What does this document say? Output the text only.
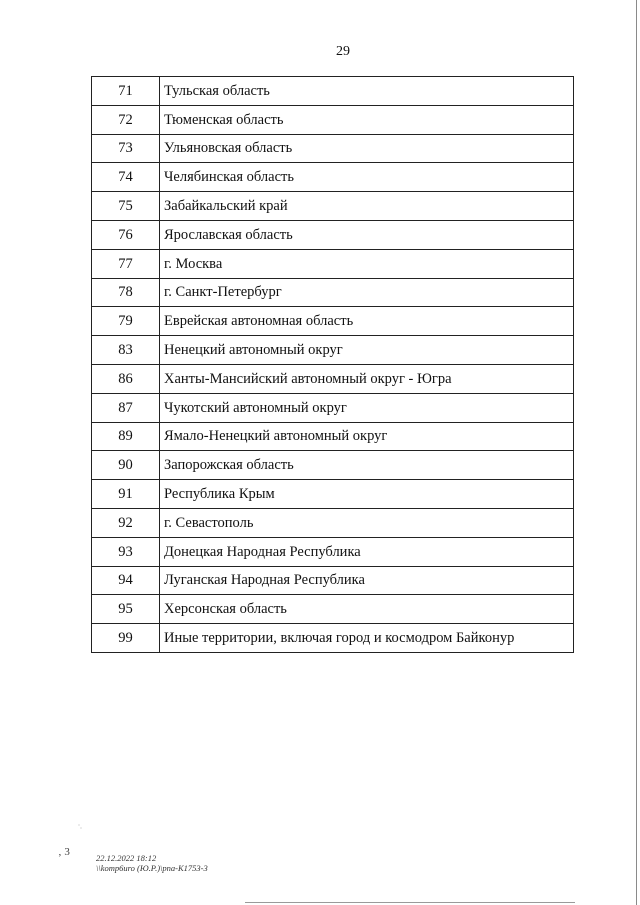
29
71	Тульская область
72	Тюменская область
73	Ульяновская область
74	Челябинская область
75	Забайкальский край
76	Ярославская область
77	г. Москва
78	г. Санкт-Петербург
79	Еврейская автономная область
83	Ненецкий автономный округ
86	Ханты-Мансийский автономный округ - Югра
87	Чукотский автономный округ
89	Ямало-Ненецкий автономный округ
90	Запорожская область
91	Республика Крым
92	г. Севастополь
93	Донецкая Народная Республика
94	Луганская Народная Республика
95	Херсонская область
99	Иные территории, включая город и космодром Байконур
‚ 3	22.12.2022 18:12
\\komp6uro (Ю.Р.)\pna-К1753-3
